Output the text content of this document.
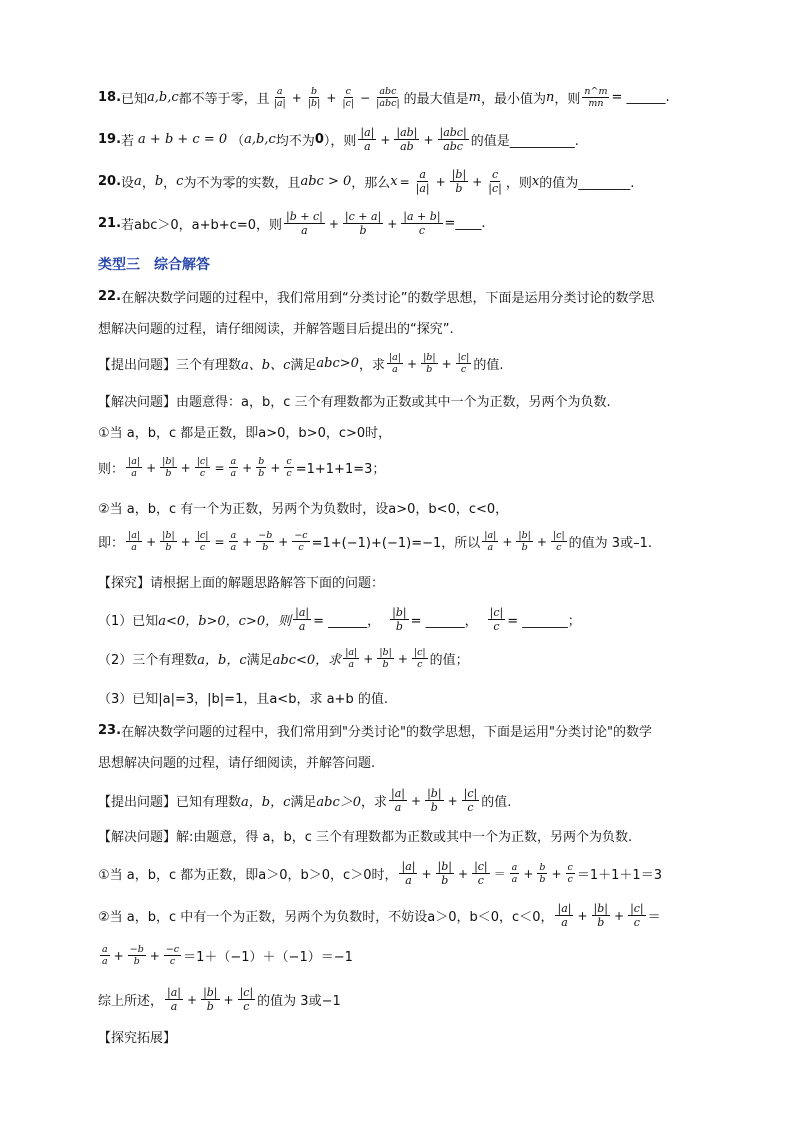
18. 已知 a,b,c 都不等于零，且 $\frac{a}{|a|} + \frac{b}{|b|} + \frac{c}{|c|} - \frac{\text{abc}}{\text{|abc|}}$ 的最大值是 m ，最小值为 n ，则 $\frac{n\^{}m}{mn}$ = ______.
19. 若 a + b + c = 0 （ a,b,c 均不为 0 ），则 $\frac{|a|}{a} + \frac{|ab|}{ab} + \frac{\text{|abc|}}{\text{abc}}$ 的值是__________.
20. 设 a ， b ， c 为不为零的实数，且 abc > 0 ，那么 $x = \frac{a}{|a|} + \frac{|b|}{b} + \frac{c}{|c|}$ ，则 x 的值为________.
21. 若 abc＞0，a+b+c=0，则 $\frac{|b + c|}{a} + \frac{|c + a|}{b} + \frac{|a + b|}{c}$ =____.
类型三　综合解答
22. 在解决数学问题的过程中，我们常用到“分类讨论”的数学思想，下面是运用分类讨论的数学思
想解决问题的过程，请仔细阅读，并解答题目后提出的“探究”.
【提出问题】 三个有理数 a、b、c 满足 abc>0 ，求 $\frac{|a|}{a} + \frac{|b|}{b} + \frac{|c|}{c}$ 的值.
【解决问题】 由题意得：a，b，c 三个有理数都为正数或其中一个为正数，另两个为负数.
①当 a，b，c 都是正数，即 a>0，b>0，c>0时，
则： $\frac{|a|}{a} + \frac{|b|}{b} + \frac{|c|}{c} = \frac{a}{a} + \frac{b}{b} + \frac{c}{c} =1+1+1=3$；
②当 a，b，c 有一个为正数，另两个为负数时，设 a>0，b<0，c<0，
即： $\frac{|a|}{a} + \frac{|b|}{b} + \frac{|c|}{c} = \frac{a}{a} + \frac{-b}{b} + \frac{-c}{c} =1+(-1)+(-1)=-1$，所以 $\frac{|a|}{a} + \frac{|b|}{b} + \frac{|c|}{c}$ 的值为 3或–1.
【探究】 请根据上面的解题思路解答下面的问题：
（1）已知 a<0，b>0，c>0，则 $\frac{|a|}{a}$ = ______， $\frac{|b|}{b}$ = ______， $\frac{|c|}{c}$ = _______；
（2）三个有理数 a，b，c 满足 abc<0，求 $\frac{|a|}{a} + \frac{|b|}{b} + \frac{|c|}{c}$ 的值；
（3）已知|a|=3，|b|=1，且 a<b，求 a+b 的值.
23. 在解决数学问题的过程中，我们常用到"分类讨论"的数学思想，下面是运用"分类讨论"的数学
思想解决问题的过程，请仔细阅读，并解答问题.
【提出问题】 已知有理数 a，b，c 满足 abc＞0 ，求 $\frac{|a|}{a} + \frac{|b|}{b} + \frac{|c|}{c}$ 的值.
【解决问题】 解:由题意，得 a，b，c 三个有理数都为正数或其中一个为正数，另两个为负数.
①当 a，b，c 都为正数，即 a＞0，b＞0，c＞0时， $\frac{|a|}{a} + \frac{|b|}{b} + \frac{|c|}{c} = \frac{a}{a} + \frac{b}{b} + \frac{c}{c} =1+1+1=3$
②当 a，b，c 中有一个为正数，另两个为负数时，不妨设 a＞0，b＜0，c＜0， $\frac{|a|}{a} + \frac{|b|}{b} + \frac{|c|}{c}$ ＝
$\frac{a}{a} + \frac{-b}{b} + \frac{-c}{c} =1+(-1)+(-1)=-1$
综上所述， $\frac{|a|}{a} + \frac{|b|}{b} + \frac{|c|}{c}$ 的值为 3或−1
【探究拓展】
